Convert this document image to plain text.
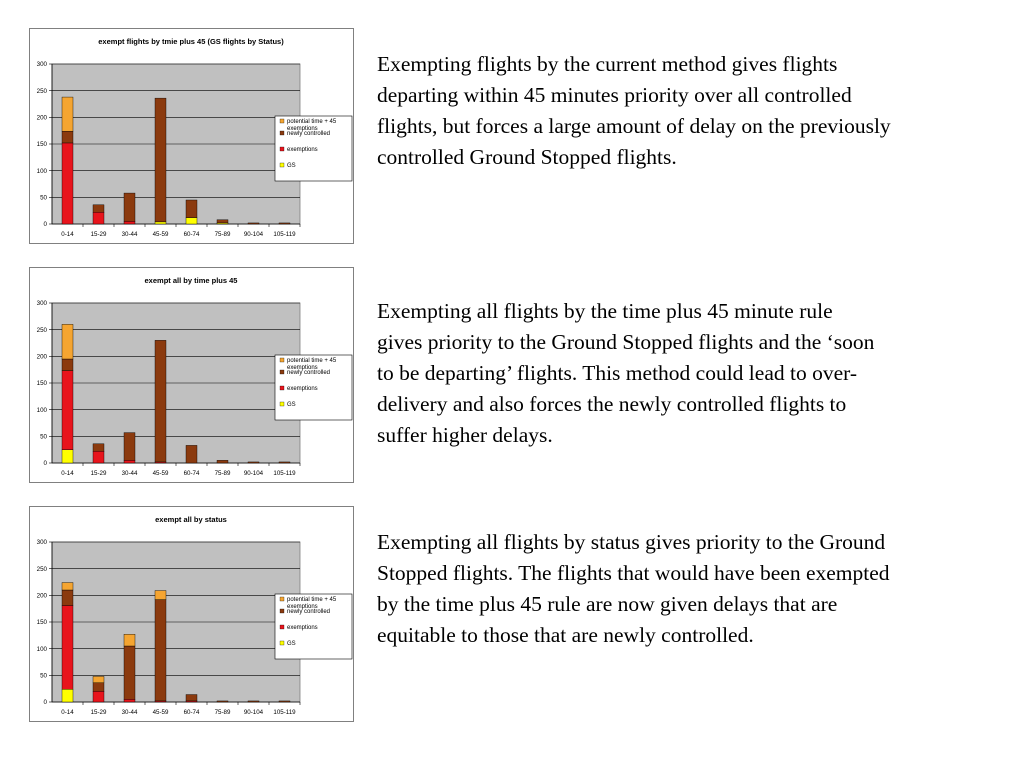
exempt flights by tmie plus 45 (GS flights by Status)
0
50
100
150
200
250
300
0-14	15-29 30-44 45-59 60-74 75-89 90-104 105-119
potential time + 45 exemptions
newly controlled
exemptions
GS
exempt all by time plus 45
0
50
100
150
200
250
300
0-14	15-29 30-44 45-59 60-74 75-89 90-104 105-119
potential time + 45 exemptions
newly controlled
exemptions
GS
exempt all by status
0
50
100
150
200
250
300
0-14	15-29 30-44 45-59 60-74 75-89 90-104 105-119
potential time + 45 exemptions
newly controlled
exemptions
GS
Exempting flights by the current method gives flights
departing within 45 minutes priority over all controlled
flights, but forces a large amount of delay on the previously
controlled Ground Stopped flights.
Exempting all flights by the time plus 45 minute rule
gives priority to the Ground Stopped flights and the ‘soon
to be departing’ flights. This method could lead to over-
delivery and also forces the newly controlled flights to
suffer higher delays.
Exempting all flights by status gives priority to the Ground
Stopped flights. The flights that would have been exempted
by the time plus 45 rule are now given delays that are
equitable to those that are newly controlled.
